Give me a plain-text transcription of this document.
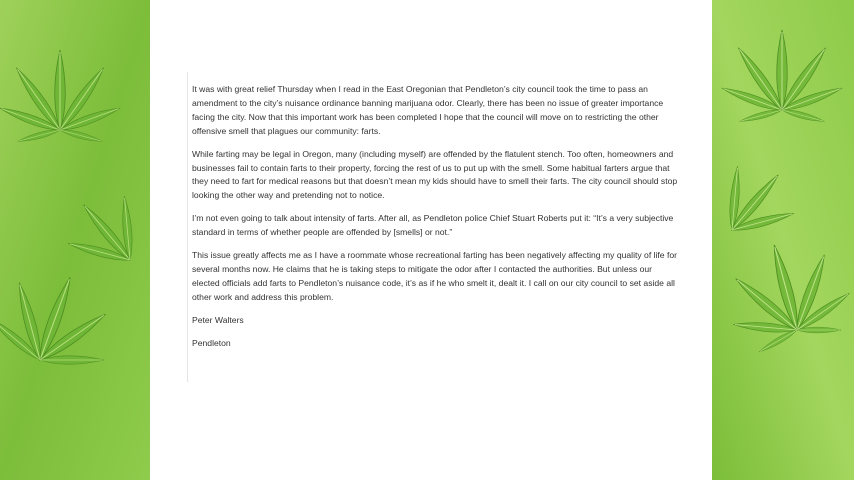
It was with great relief Thursday when I read in the East Oregonian that Pendleton’s city council took the time to pass an amendment to the city’s nuisance ordinance banning marijuana odor. Clearly, there has been no issue of greater importance facing the city. Now that this important work has been completed I hope that the council will move on to restricting the other offensive smell that plagues our community: farts.

While farting may be legal in Oregon, many (including myself) are offended by the flatulent stench. Too often, homeowners and businesses fail to contain farts to their property, forcing the rest of us to put up with the smell. Some habitual farters argue that they need to fart for medical reasons but that doesn’t mean my kids should have to smell their farts. The city council should stop looking the other way and pretending not to notice.

I’m not even going to talk about intensity of farts. After all, as Pendleton police Chief Stuart Roberts put it: “It’s a very subjective standard in terms of whether people are offended by [smells] or not.”

This issue greatly affects me as I have a roommate whose recreational farting has been negatively affecting my quality of life for several months now. He claims that he is taking steps to mitigate the odor after I contacted the authorities. But unless our elected officials add farts to Pendleton’s nuisance code, it’s as if he who smelt it, dealt it. I call on our city council to set aside all other work and address this problem.

Peter Walters

Pendleton
